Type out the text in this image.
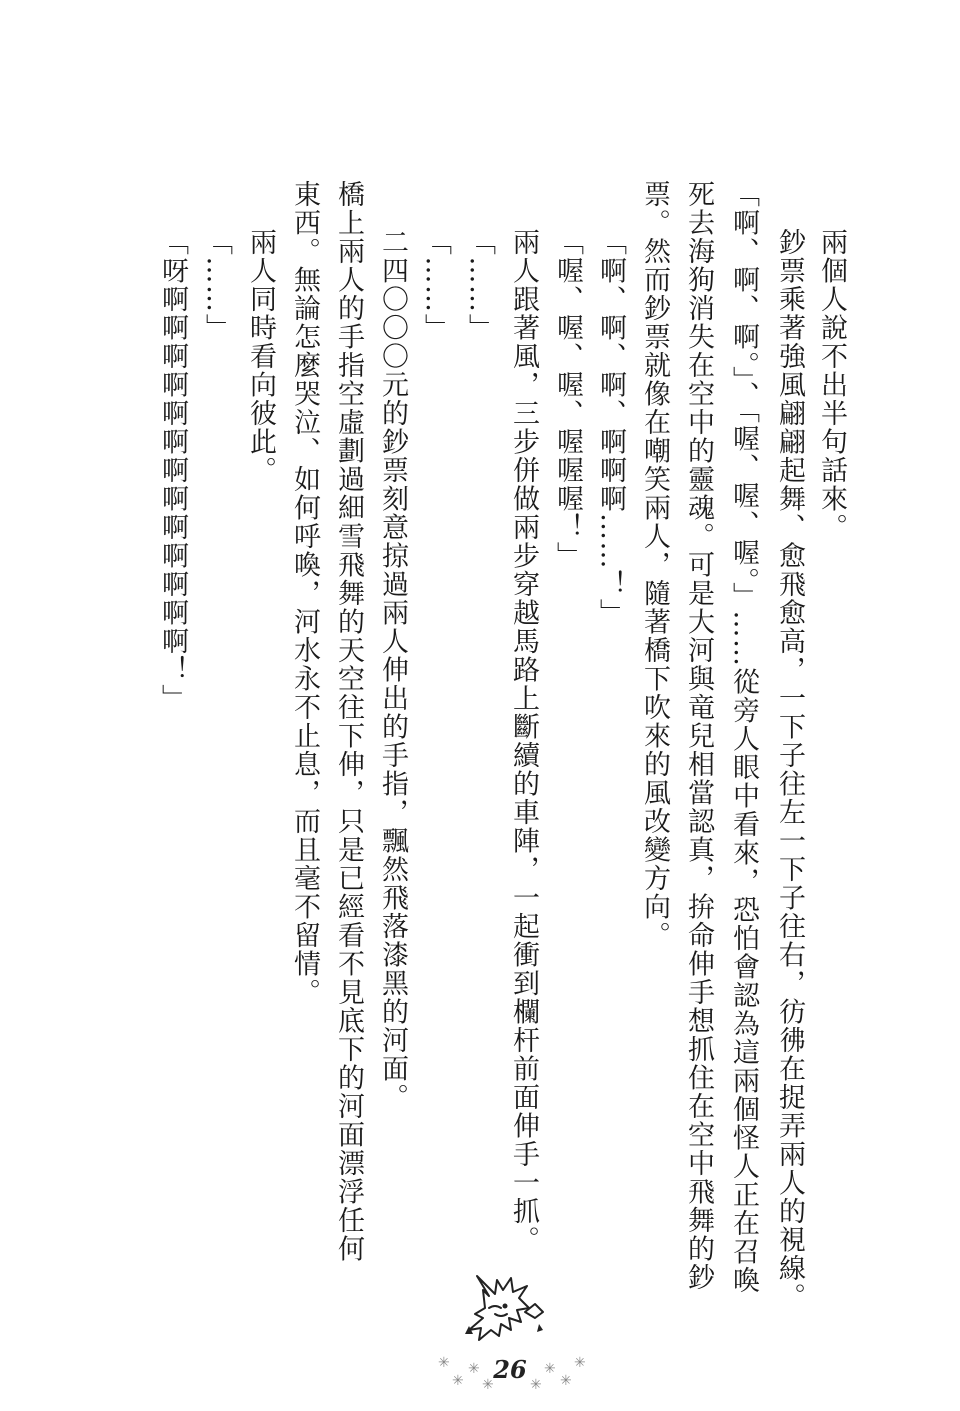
兩個人說不出半句話來。
鈔票乘著強風翩翩起舞、愈飛愈高，一下子往左一下子往右，彷彿在捉弄兩人的視線。
「啊、啊、啊。」、「喔、喔、喔。」……從旁人眼中看來，恐怕會認為這兩個怪人正在召喚
死去海狗消失在空中的靈魂。可是大河與竜兒相當認真，拚命伸手想抓住在空中飛舞的鈔
票。然而鈔票就像在嘲笑兩人，隨著橋下吹來的風改變方向。
「啊、啊、啊、啊啊啊……！」
「喔、喔、喔、喔喔喔！」
兩人跟著風，三步併做兩步穿越馬路上斷續的車陣，一起衝到欄杆前面伸手一抓。
「……」
「……」
二四〇〇〇元的鈔票刻意掠過兩人伸出的手指，飄然飛落漆黑的河面。
橋上兩人的手指空虛劃過細雪飛舞的天空往下伸，只是已經看不見底下的河面漂浮任何
東西。無論怎麼哭泣、如何呼喚，河水永不止息，而且毫不留情。
兩人同時看向彼此。
「……」
「呀啊啊啊啊啊啊啊啊啊啊啊啊啊！」
✳
✳
✳
✳
26
✳
✳
✳
✳
